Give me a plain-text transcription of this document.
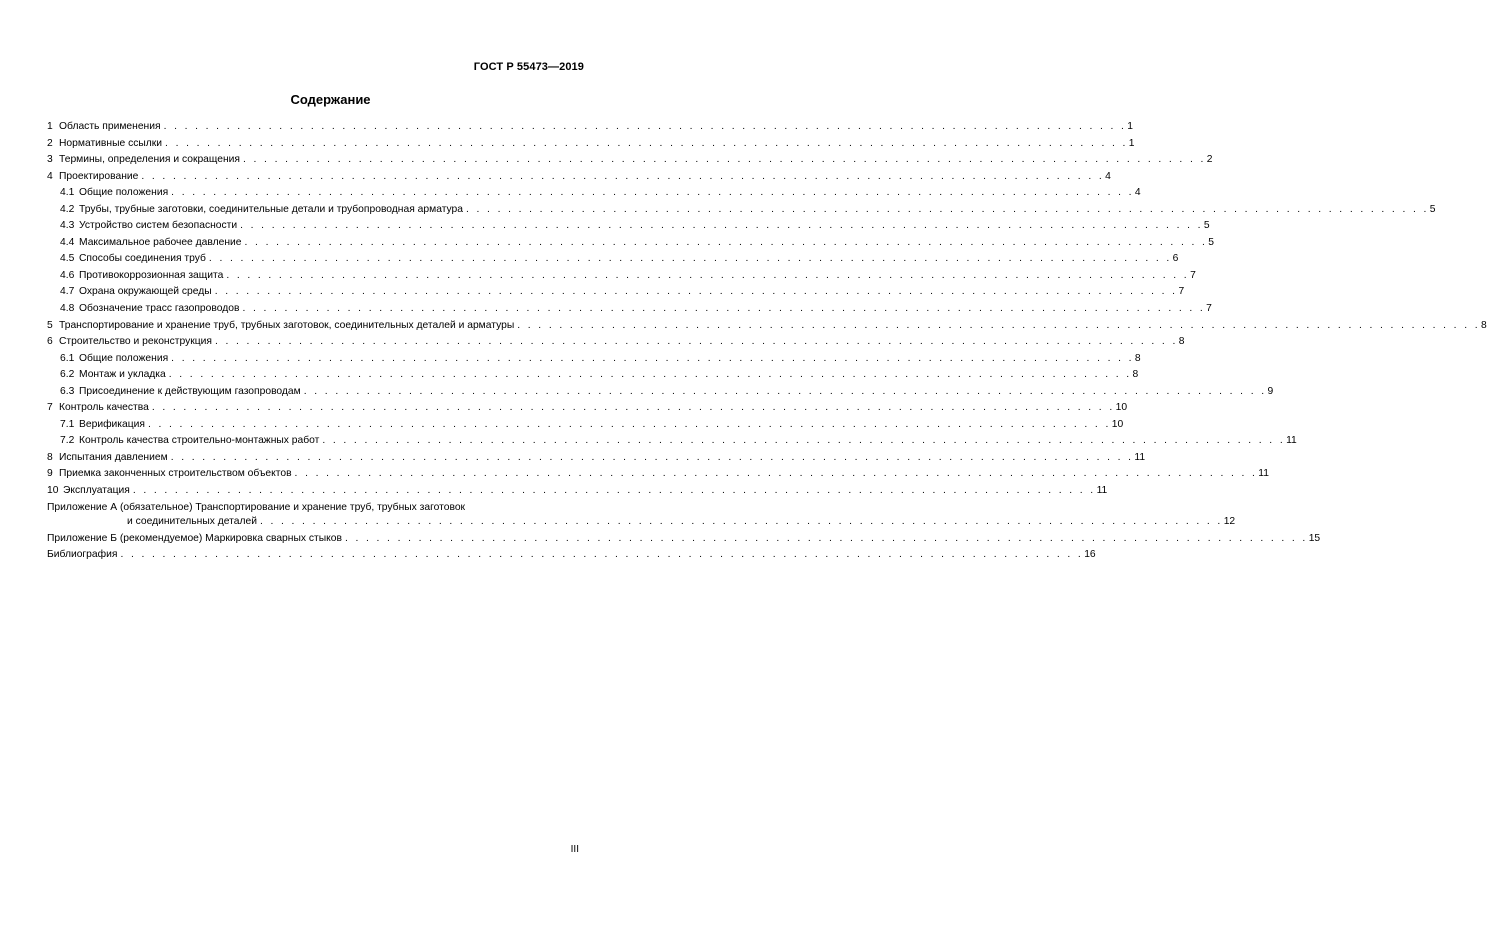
ГОСТ Р 55473—2019
Содержание
1 Область применения . . . . . . . . . . . . . . . . . . . . . . . . . . . . . . . . . . . . . . . . . . . . . . . . . . . . . . . . . . . . . . . . . . . . . . . . . . . . . . . . . . . . . . . . . . . . 1
2 Нормативные ссылки . . . . . . . . . . . . . . . . . . . . . . . . . . . . . . . . . . . . . . . . . . . . . . . . . . . . . . . . . . . . . . . . . . . . . . . . . . . . . . . . . . . . . . . . . . . . 1
3 Термины, определения и сокращения . . . . . . . . . . . . . . . . . . . . . . . . . . . . . . . . . . . . . . . . . . . . . . . . . . . . . . . . . . . . . . . . . . . . . . . . . . . . . . . . . . . . . . . . . . . . 2
4 Проектирование . . . . . . . . . . . . . . . . . . . . . . . . . . . . . . . . . . . . . . . . . . . . . . . . . . . . . . . . . . . . . . . . . . . . . . . . . . . . . . . . . . . . . . . . . . . . 4
4.1 Общие положения . . . . . . . . . . . . . . . . . . . . . . . . . . . . . . . . . . . . . . . . . . . . . . . . . . . . . . . . . . . . . . . . . . . . . . . . . . . . . . . . . . . . . . . . . . . . 4
4.2 Трубы, трубные заготовки, соединительные детали и трубопроводная арматура . . . . . . . . . . . . . . . . . . . . . . . . . . . . . . . . . . . . . . . . . . . . . . . . . . . . . . . . . . . . . . . . . . . . . . . . . . . . . . . . . . . . . . . . . . . . 5
4.3 Устройство систем безопасности . . . . . . . . . . . . . . . . . . . . . . . . . . . . . . . . . . . . . . . . . . . . . . . . . . . . . . . . . . . . . . . . . . . . . . . . . . . . . . . . . . . . . . . . . . . . 5
4.4 Максимальное рабочее давление . . . . . . . . . . . . . . . . . . . . . . . . . . . . . . . . . . . . . . . . . . . . . . . . . . . . . . . . . . . . . . . . . . . . . . . . . . . . . . . . . . . . . . . . . . . . 5
4.5 Способы соединения труб . . . . . . . . . . . . . . . . . . . . . . . . . . . . . . . . . . . . . . . . . . . . . . . . . . . . . . . . . . . . . . . . . . . . . . . . . . . . . . . . . . . . . . . . . . . . 6
4.6 Противокоррозионная защита . . . . . . . . . . . . . . . . . . . . . . . . . . . . . . . . . . . . . . . . . . . . . . . . . . . . . . . . . . . . . . . . . . . . . . . . . . . . . . . . . . . . . . . . . . . . 7
4.7 Охрана окружающей среды . . . . . . . . . . . . . . . . . . . . . . . . . . . . . . . . . . . . . . . . . . . . . . . . . . . . . . . . . . . . . . . . . . . . . . . . . . . . . . . . . . . . . . . . . . . . 7
4.8 Обозначение трасс газопроводов . . . . . . . . . . . . . . . . . . . . . . . . . . . . . . . . . . . . . . . . . . . . . . . . . . . . . . . . . . . . . . . . . . . . . . . . . . . . . . . . . . . . . . . . . . . . 7
5 Транспортирование и хранение труб, трубных заготовок, соединительных деталей и арматуры . . . . . . . . . . . . . . . . . . . . . . . . . . . . . . . . . . . . . . . . . . . . . . . . . . . . . . . . . . . . . . . . . . . . . . . . . . . . . . . . . . . . . . . . . . . . 8
6 Строительство и реконструкция . . . . . . . . . . . . . . . . . . . . . . . . . . . . . . . . . . . . . . . . . . . . . . . . . . . . . . . . . . . . . . . . . . . . . . . . . . . . . . . . . . . . . . . . . . . . 8
6.1 Общие положения . . . . . . . . . . . . . . . . . . . . . . . . . . . . . . . . . . . . . . . . . . . . . . . . . . . . . . . . . . . . . . . . . . . . . . . . . . . . . . . . . . . . . . . . . . . . 8
6.2 Монтаж и укладка . . . . . . . . . . . . . . . . . . . . . . . . . . . . . . . . . . . . . . . . . . . . . . . . . . . . . . . . . . . . . . . . . . . . . . . . . . . . . . . . . . . . . . . . . . . . 8
6.3 Присоединение к действующим газопроводам . . . . . . . . . . . . . . . . . . . . . . . . . . . . . . . . . . . . . . . . . . . . . . . . . . . . . . . . . . . . . . . . . . . . . . . . . . . . . . . . . . . . . . . . . . . . 9
7 Контроль качества . . . . . . . . . . . . . . . . . . . . . . . . . . . . . . . . . . . . . . . . . . . . . . . . . . . . . . . . . . . . . . . . . . . . . . . . . . . . . . . . . . . . . . . . . . . . 10
7.1 Верификация . . . . . . . . . . . . . . . . . . . . . . . . . . . . . . . . . . . . . . . . . . . . . . . . . . . . . . . . . . . . . . . . . . . . . . . . . . . . . . . . . . . . . . . . . . . . 10
7.2 Контроль качества строительно-монтажных работ . . . . . . . . . . . . . . . . . . . . . . . . . . . . . . . . . . . . . . . . . . . . . . . . . . . . . . . . . . . . . . . . . . . . . . . . . . . . . . . . . . . . . . . . . . . . 11
8 Испытания давлением . . . . . . . . . . . . . . . . . . . . . . . . . . . . . . . . . . . . . . . . . . . . . . . . . . . . . . . . . . . . . . . . . . . . . . . . . . . . . . . . . . . . . . . . . . . . 11
9 Приемка законченных строительством объектов . . . . . . . . . . . . . . . . . . . . . . . . . . . . . . . . . . . . . . . . . . . . . . . . . . . . . . . . . . . . . . . . . . . . . . . . . . . . . . . . . . . . . . . . . . . . 11
10 Эксплуатация . . . . . . . . . . . . . . . . . . . . . . . . . . . . . . . . . . . . . . . . . . . . . . . . . . . . . . . . . . . . . . . . . . . . . . . . . . . . . . . . . . . . . . . . . . . . 11
Приложение А (обязательное) Транспортирование и хранение труб, трубных заготовок
и соединительных деталей . . . . . . . . . . . . . . . . . . . . . . . . . . . . . . . . . . . . . . . . . . . . . . . . . . . . . . . . . . . . . . . . . . . . . . . . . . . . . . . . . . . . . . . . . . . . 12
Приложение Б (рекомендуемое) Маркировка сварных стыков . . . . . . . . . . . . . . . . . . . . . . . . . . . . . . . . . . . . . . . . . . . . . . . . . . . . . . . . . . . . . . . . . . . . . . . . . . . . . . . . . . . . . . . . . . . . 15
Библиография . . . . . . . . . . . . . . . . . . . . . . . . . . . . . . . . . . . . . . . . . . . . . . . . . . . . . . . . . . . . . . . . . . . . . . . . . . . . . . . . . . . . . . . . . . . . 16
III
